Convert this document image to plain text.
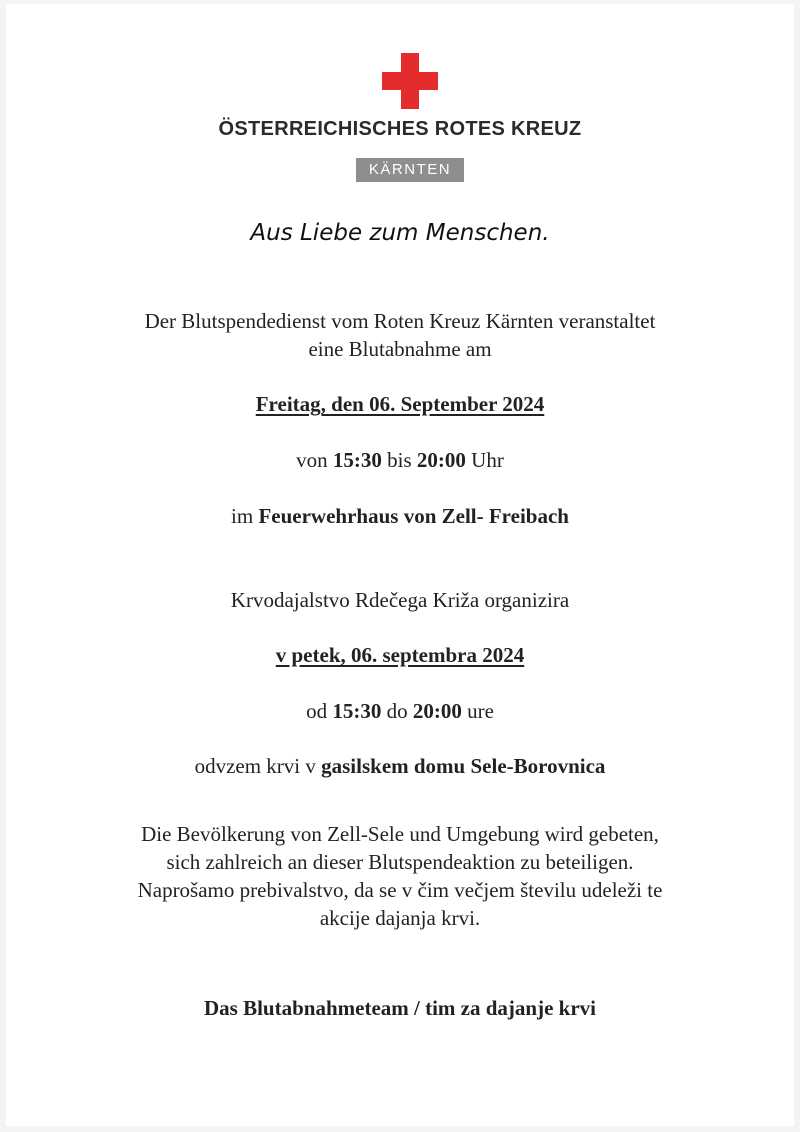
ÖSTERREICHISCHES ROTES KREUZ
KÄRNTEN
Aus Liebe zum Menschen.
Der Blutspendedienst vom Roten Kreuz Kärnten veranstaltet
eine Blutabnahme am
Freitag, den 06. September 2024
von 15:30 bis 20:00 Uhr
im Feuerwehrhaus von Zell- Freibach
Krvodajalstvo Rdečega Križa organizira
v petek, 06. septembra 2024
od 15:30 do 20:00 ure
odvzem krvi v gasilskem domu Sele-Borovnica
Die Bevölkerung von Zell-Sele und Umgebung wird gebeten,
sich zahlreich an dieser Blutspendeaktion zu beteiligen.
Naprošamo prebivalstvo, da se v čim večjem številu udeleži te
akcije dajanja krvi.
Das Blutabnahmeteam / tim za dajanje krvi
